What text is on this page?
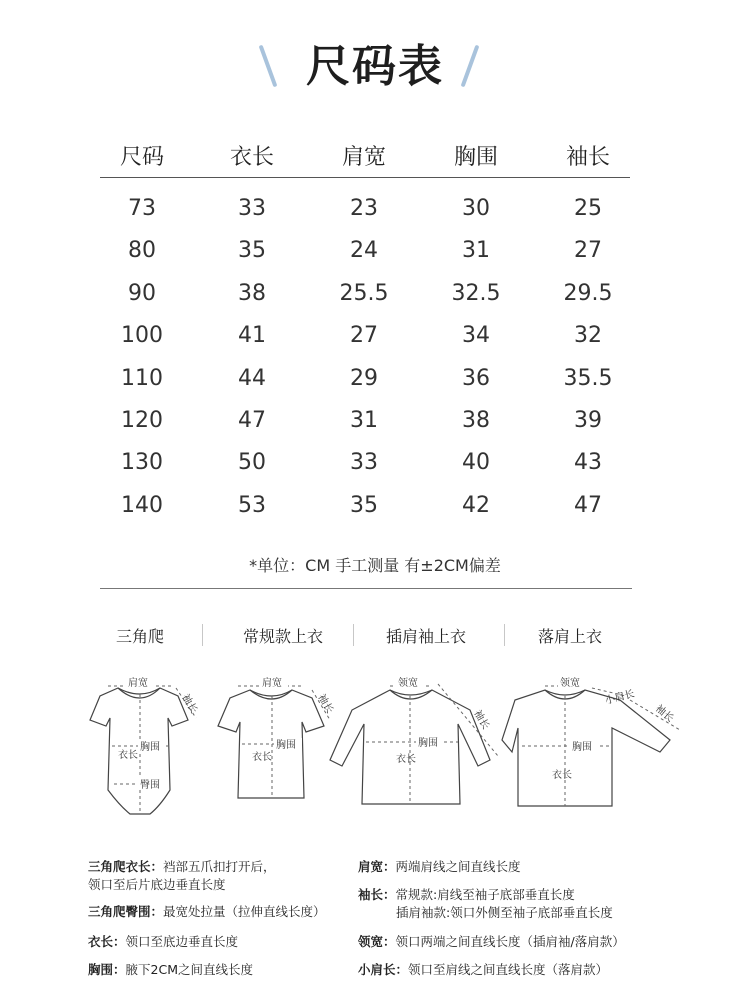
尺码表
尺码	衣长	肩宽	胸围	袖长
73	33	23	30	25
80	35	24	31	27
90	38	25.5	32.5	29.5
100	41	27	34	32
110	44	29	36	35.5
120	47	31	38	39
130	50	33	40	43
140	53	35	42	47
*单位：CM 手工测量 有±2CM偏差
三角爬	常规款上衣	插肩袖上衣	落肩上衣
肩宽
胸围
衣长
臀围
袖长
肩宽
胸围
衣长
袖长
领宽
胸围
衣长
袖长
领宽
胸围
衣长
小肩长
袖长
三角爬衣长：裆部五爪扣打开后，
领口至后片底边垂直长度
三角爬臀围：最宽处拉量（拉伸直线长度）
衣长：领口至底边垂直长度
胸围：腋下2CM之间直线长度
肩宽：两端肩线之间直线长度
袖长：常规款:肩线至袖子底部垂直长度
插肩袖款:领口外侧至袖子底部垂直长度
领宽：领口两端之间直线长度（插肩袖/落肩款）
小肩长：领口至肩线之间直线长度（落肩款）
